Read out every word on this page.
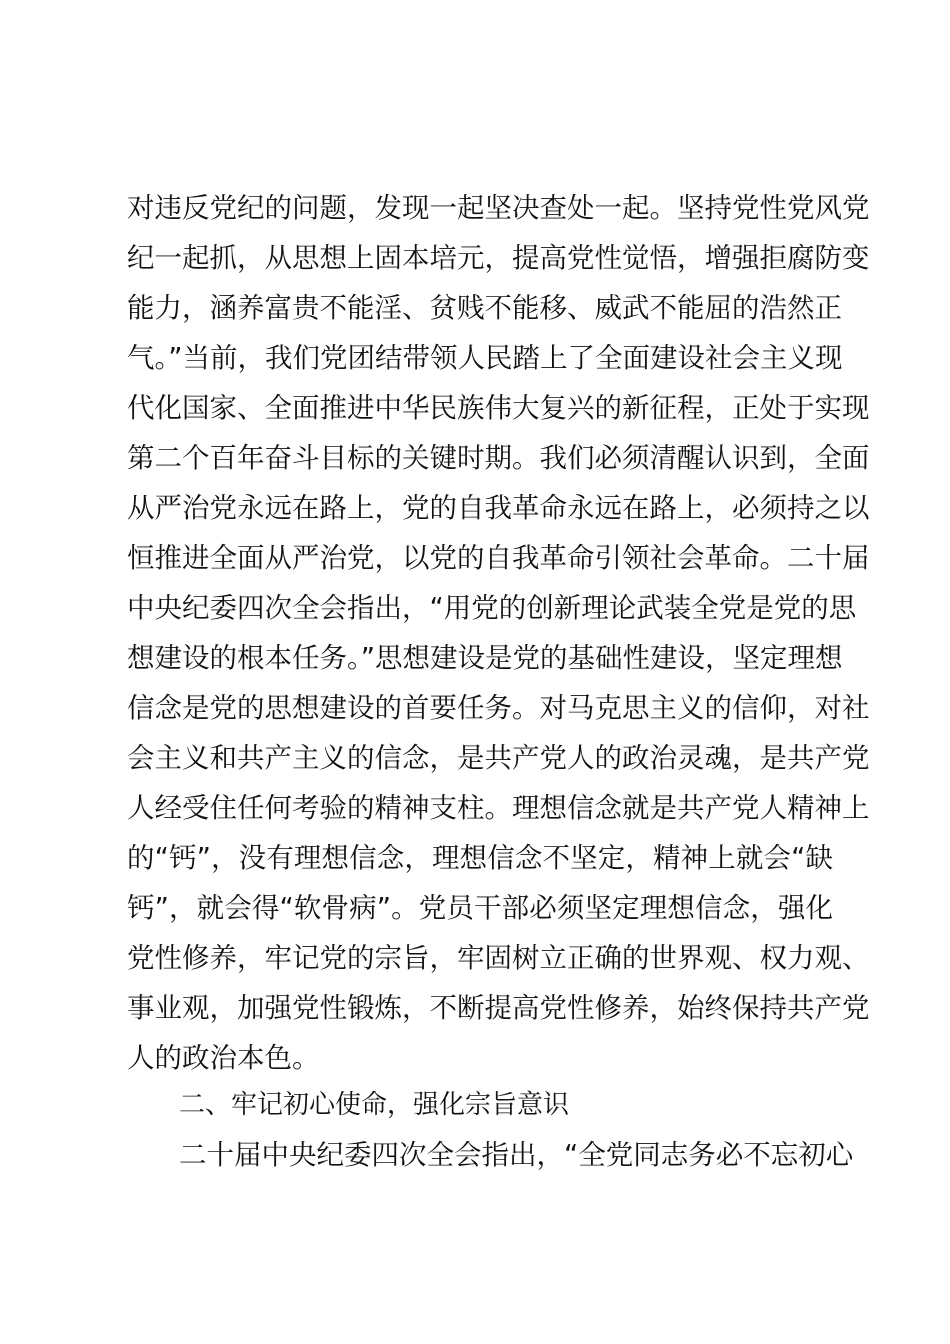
对违反党纪的问题，发现一起坚决查处一起。坚持党性党风党
纪一起抓，从思想上固本培元，提高党性觉悟，增强拒腐防变
能力，涵养富贵不能淫、贫贱不能移、威武不能屈的浩然正
气。”当前，我们党团结带领人民踏上了全面建设社会主义现
代化国家、全面推进中华民族伟大复兴的新征程，正处于实现
第二个百年奋斗目标的关键时期。我们必须清醒认识到，全面
从严治党永远在路上，党的自我革命永远在路上，必须持之以
恒推进全面从严治党，以党的自我革命引领社会革命。二十届
中央纪委四次全会指出，“用党的创新理论武装全党是党的思
想建设的根本任务。”思想建设是党的基础性建设，坚定理想
信念是党的思想建设的首要任务。对马克思主义的信仰，对社
会主义和共产主义的信念，是共产党人的政治灵魂，是共产党
人经受住任何考验的精神支柱。理想信念就是共产党人精神上
的“钙”，没有理想信念，理想信念不坚定，精神上就会“缺
钙”，就会得“软骨病”。党员干部必须坚定理想信念，强化
党性修养，牢记党的宗旨，牢固树立正确的世界观、权力观、
事业观，加强党性锻炼，不断提高党性修养，始终保持共产党
人的政治本色。
二、牢记初心使命，强化宗旨意识
二十届中央纪委四次全会指出，“全党同志务必不忘初心
